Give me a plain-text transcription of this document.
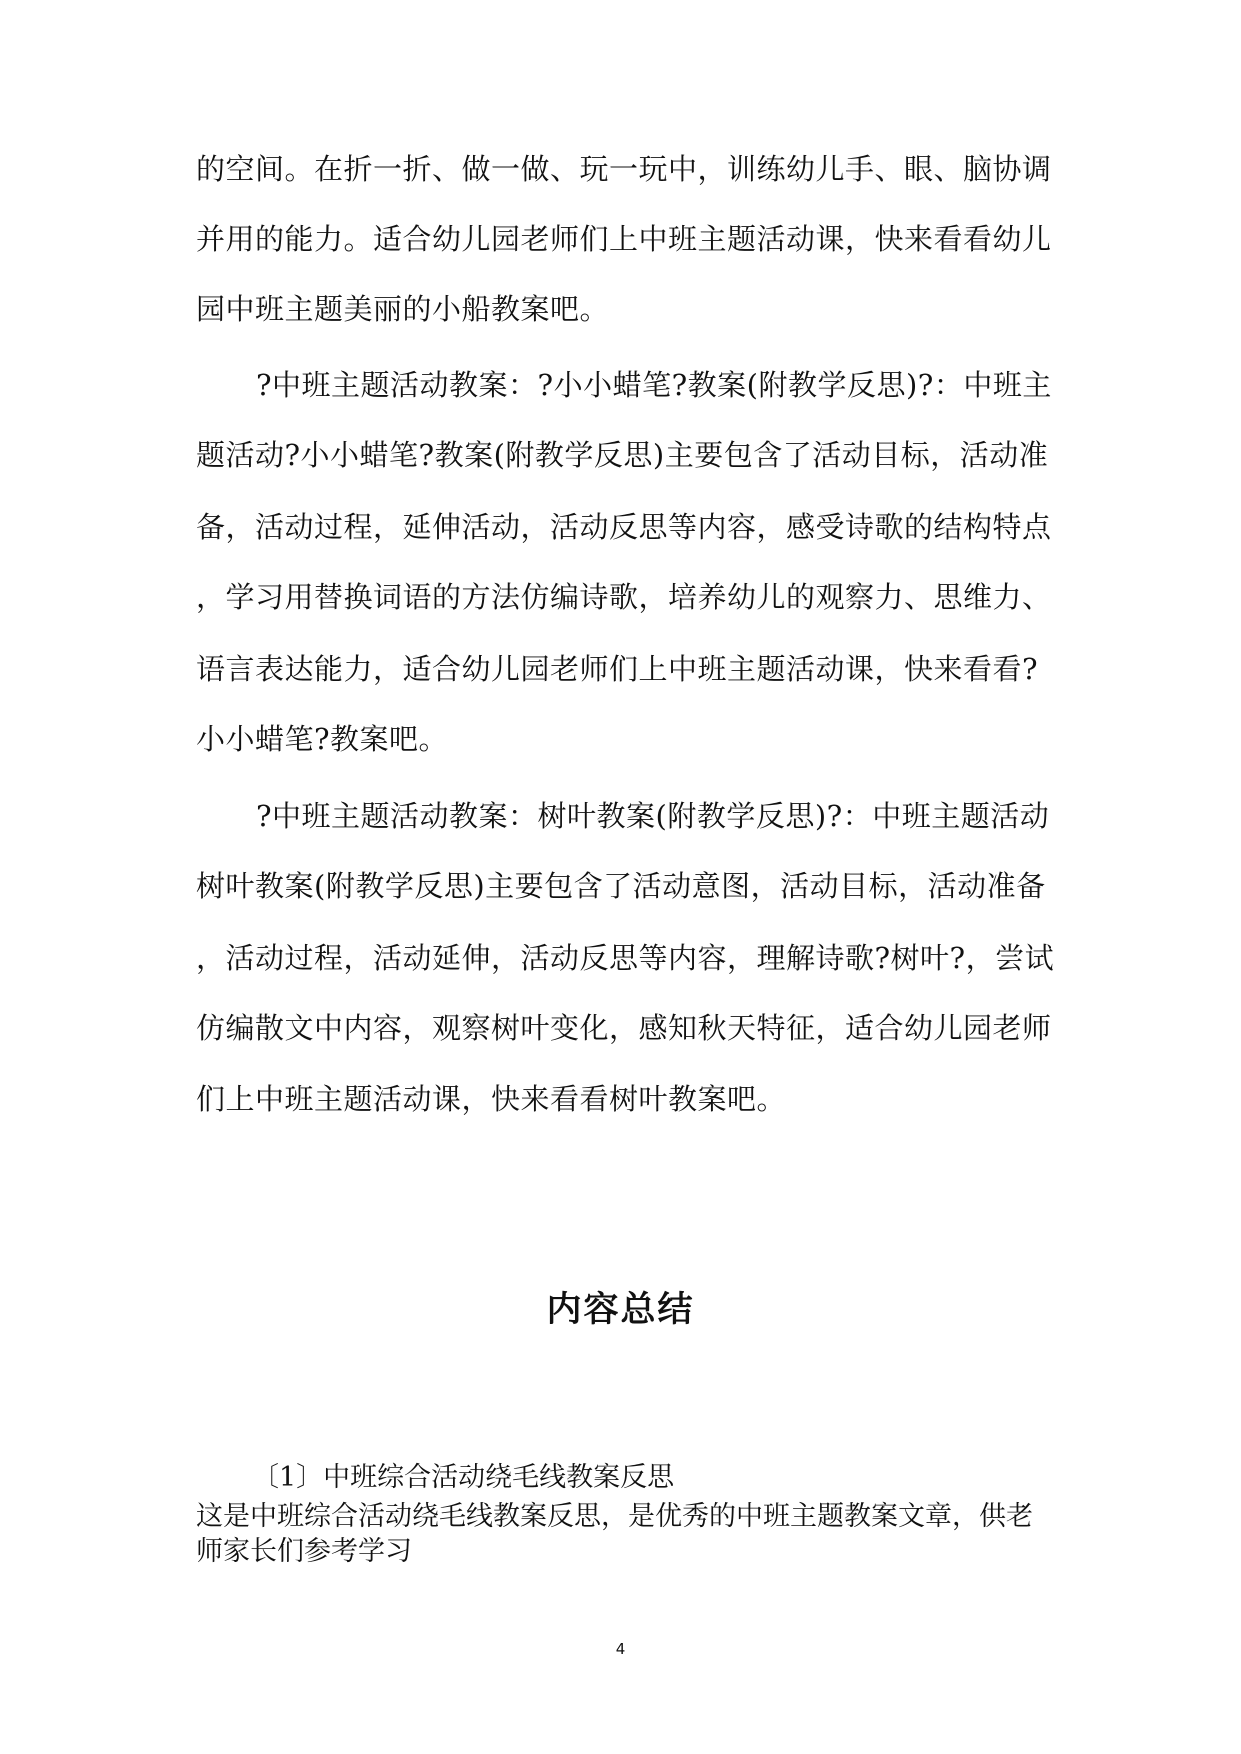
的空间。在折一折、做一做、玩一玩中，训练幼儿手、眼、脑协调
并用的能力。适合幼儿园老师们上中班主题活动课，快来看看幼儿
园中班主题美丽的小船教案吧。
?中班主题活动教案：?小小蜡笔?教案(附教学反思)?：中班主
题活动?小小蜡笔?教案(附教学反思)主要包含了活动目标，活动准
备，活动过程，延伸活动，活动反思等内容，感受诗歌的结构特点
，学习用替换词语的方法仿编诗歌，培养幼儿的观察力、思维力、
语言表达能力，适合幼儿园老师们上中班主题活动课，快来看看?
小小蜡笔?教案吧。
?中班主题活动教案：树叶教案(附教学反思)?：中班主题活动
树叶教案(附教学反思)主要包含了活动意图，活动目标，活动准备
，活动过程，活动延伸，活动反思等内容，理解诗歌?树叶?，尝试
仿编散文中内容，观察树叶变化，感知秋天特征，适合幼儿园老师
们上中班主题活动课，快来看看树叶教案吧。
内容总结
〔1〕中班综合活动绕毛线教案反思
这是中班综合活动绕毛线教案反思，是优秀的中班主题教案文章，供老
师家长们参考学习
4
